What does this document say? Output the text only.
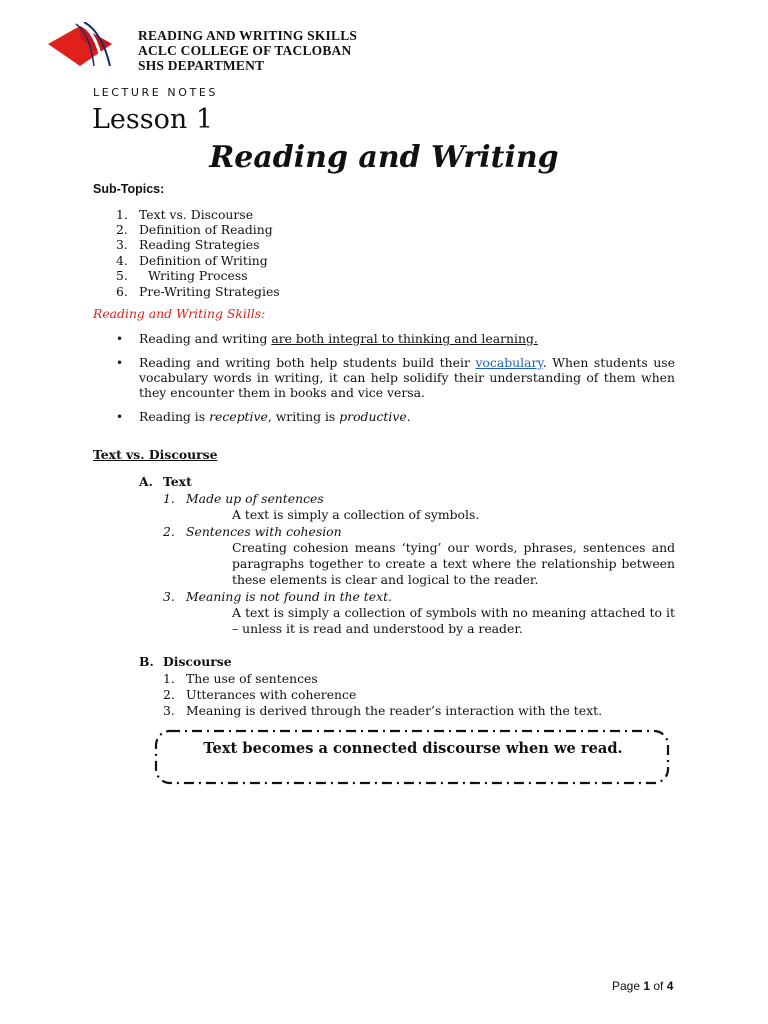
READING AND WRITING SKILLS
ACLC COLLEGE OF TACLOBAN
SHS DEPARTMENT
LECTURE NOTES
Lesson 1
Reading and Writing
Sub-Topics:
1. Text vs. Discourse
2. Definition of Reading
3. Reading Strategies
4. Definition of Writing
5. Writing Process
6. Pre-Writing Strategies
Reading and Writing Skills:
• Reading and writing are both integral to thinking and learning.
• Reading and writing both help students build their vocabulary. When students use vocabulary words in writing, it can help solidify their understanding of them when they encounter them in books and vice versa.
• Reading is receptive, writing is productive.
Text vs. Discourse
A. Text
1. Made up of sentences
A text is simply a collection of symbols.
2. Sentences with cohesion
Creating cohesion means ‘tying’ our words, phrases, sentences and paragraphs together to create a text where the relationship between these elements is clear and logical to the reader.
3. Meaning is not found in the text.
A text is simply a collection of symbols with no meaning attached to it – unless it is read and understood by a reader.
B. Discourse
1. The use of sentences
2. Utterances with coherence
3. Meaning is derived through the reader’s interaction with the text.
Text becomes a connected discourse when we read.
Page 1 of 4
